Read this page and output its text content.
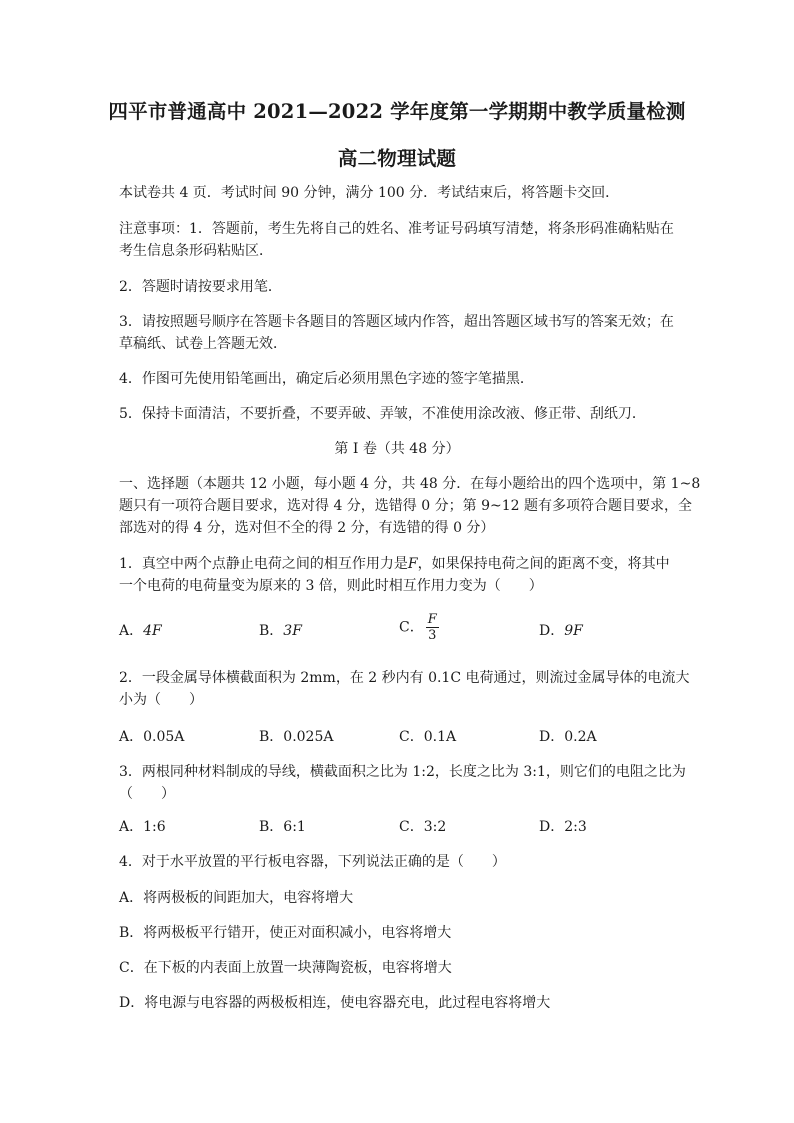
四平市普通高中 2021—2022 学年度第一学期期中教学质量检测
高二物理试题
本试卷共 4 页．考试时间 90 分钟，满分 100 分．考试结束后，将答题卡交回．
注意事项：1．答题前，考生先将自己的姓名、准考证号码填写清楚，将条形码准确粘贴在
考生信息条形码粘贴区．
2．答题时请按要求用笔．
3．请按照题号顺序在答题卡各题目的答题区域内作答，超出答题区域书写的答案无效；在
草稿纸、试卷上答题无效．
4．作图可先使用铅笔画出，确定后必须用黑色字迹的签字笔描黑．
5．保持卡面清洁，不要折叠，不要弄破、弄皱，不准使用涂改液、修正带、刮纸刀．
第 I 卷（共 48 分）
一、选择题（本题共 12 小题，每小题 4 分，共 48 分．在每小题给出的四个选项中，第 1~8
题只有一项符合题目要求，选对得 4 分，选错得 0 分；第 9~12 题有多项符合题目要求，全
部选对的得 4 分，选对但不全的得 2 分，有选错的得 0 分）
1．真空中两个点静止电荷之间的相互作用力是F，如果保持电荷之间的距离不变，将其中
一个电荷的电荷量变为原来的 3 倍，则此时相互作用力变为（　　）
A．4F	B．3F	C． $\frac{F}{3}$	D．9F
2．一段金属导体横截面积为 2mm，在 2 秒内有 0.1C 电荷通过，则流过金属导体的电流大
小为（　　）
A．0.05A	B．0.025A	C．0.1A	D．0.2A
3．两根同种材料制成的导线，横截面积之比为 1:2，长度之比为 3:1，则它们的电阻之比为
（　　）
A．1:6	B．6:1	C．3:2	D．2:3
4．对于水平放置的平行板电容器，下列说法正确的是（　　）
A．将两极板的间距加大，电容将增大
B．将两极板平行错开，使正对面积减小，电容将增大
C．在下板的内表面上放置一块薄陶瓷板，电容将增大
D．将电源与电容器的两极板相连，使电容器充电，此过程电容将增大
